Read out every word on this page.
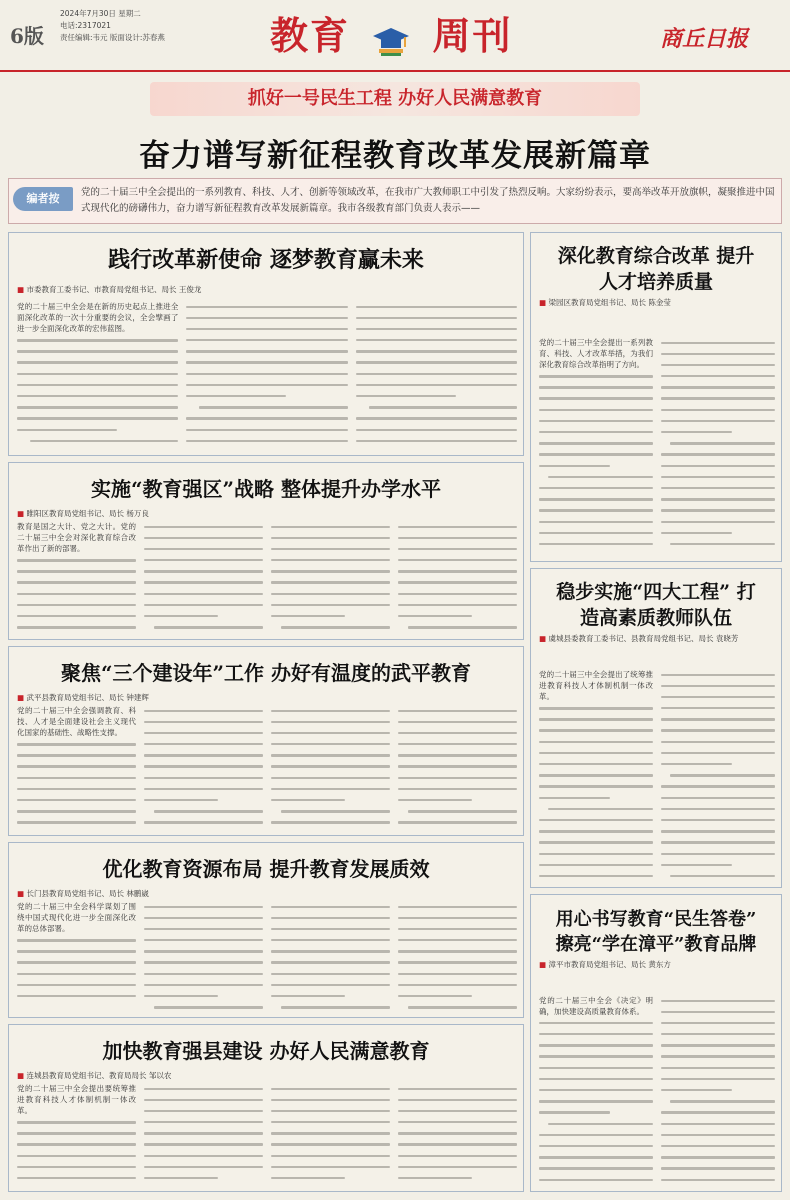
6版
2024年7月30日 星期二
电话:2317021
责任编辑:韦元 版面设计:苏春燕	教育 周刊	商丘日报
抓好一号民生工程 办好人民满意教育
奋力谱写新征程教育改革发展新篇章
编者按	党的二十届三中全会提出的一系列教育、科技、人才、创新等领域改革，在我市广大教师职工中引发了热烈反响。大家纷纷表示，要高举改革开放旗帜，凝聚推进中国式现代化的磅礴伟力，奋力谱写新征程教育改革发展新篇章。我市各级教育部门负责人表示——
践行改革新使命 逐梦教育赢未来
■ 市委教育工委书记、市教育局党组书记、局长 王俊龙

党的二十届三中全会是在新的历史起点上推进全面深化改革的一次十分重要的会议，全会擘画了进一步全面深化改革的宏伟蓝图。

深化教育综合改革 提升人才培养质量
■ 梁园区教育局党组书记、局长 陈金莹

党的二十届三中全会提出一系列教育、科技、人才改革举措，为我们深化教育综合改革指明了方向。

实施“教育强区”战略 整体提升办学水平
■ 睢阳区教育局党组书记、局长 杨万良

教育是国之大计、党之大计。党的二十届三中全会对深化教育综合改革作出了新的部署。

稳步实施“四大工程” 打造高素质教师队伍
■ 虞城县委教育工委书记、县教育局党组书记、局长 袁晓芳

党的二十届三中全会提出了统筹推进教育科技人才体制机制一体改革。

聚焦“三个建设年”工作 办好有温度的武平教育
■ 武平县教育局党组书记、局长 钟建辉

党的二十届三中全会强调教育、科技、人才是全面建设社会主义现代化国家的基础性、战略性支撑。

优化教育资源布局 提升教育发展质效
■ 长门县教育局党组书记、局长 林鹏崴

党的二十届三中全会科学谋划了围绕中国式现代化进一步全面深化改革的总体部署。	用心书写教育“民生答卷” 擦亮“学在漳平”教育品牌
■ 漳平市教育局党组书记、局长 黄东方

党的二十届三中全会《决定》明确，加快建设高质量教育体系。

加快教育强县建设 办好人民满意教育
■ 连城县教育局党组书记、教育局局长 邹以农

党的二十届三中全会提出要统筹推进教育科技人才体制机制一体改革。
